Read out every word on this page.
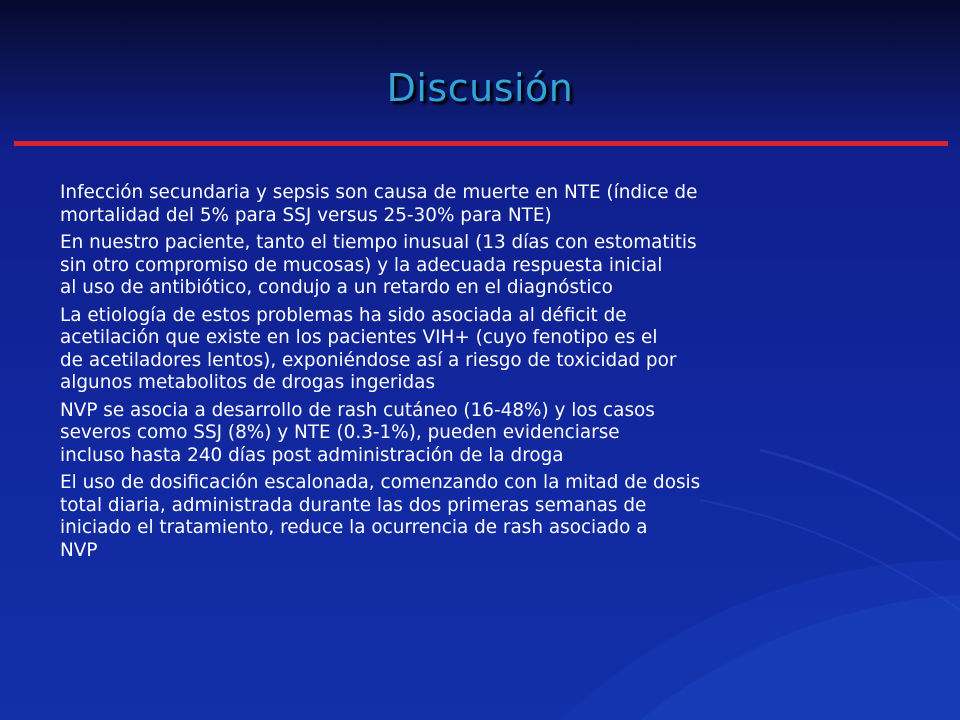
Discusión
Infección secundaria y sepsis son causa de muerte en NTE (índice de
mortalidad del 5% para SSJ versus 25-30% para NTE)
En nuestro paciente, tanto el tiempo inusual (13 días con estomatitis
sin otro compromiso de mucosas) y la adecuada respuesta inicial
al uso de antibiótico, condujo a un retardo en el diagnóstico
La etiología de estos problemas ha sido asociada al déficit de
acetilación que existe en los pacientes VIH+ (cuyo fenotipo es el
de acetiladores lentos), exponiéndose así a riesgo de toxicidad por
algunos metabolitos de drogas ingeridas
NVP se asocia a desarrollo de rash cutáneo (16-48%) y los casos
severos como SSJ (8%) y NTE (0.3-1%), pueden evidenciarse
incluso hasta 240 días post administración de la droga
El uso de dosificación escalonada, comenzando con la mitad de dosis
total diaria, administrada durante las dos primeras semanas de
iniciado el tratamiento, reduce la ocurrencia de rash asociado a
NVP
